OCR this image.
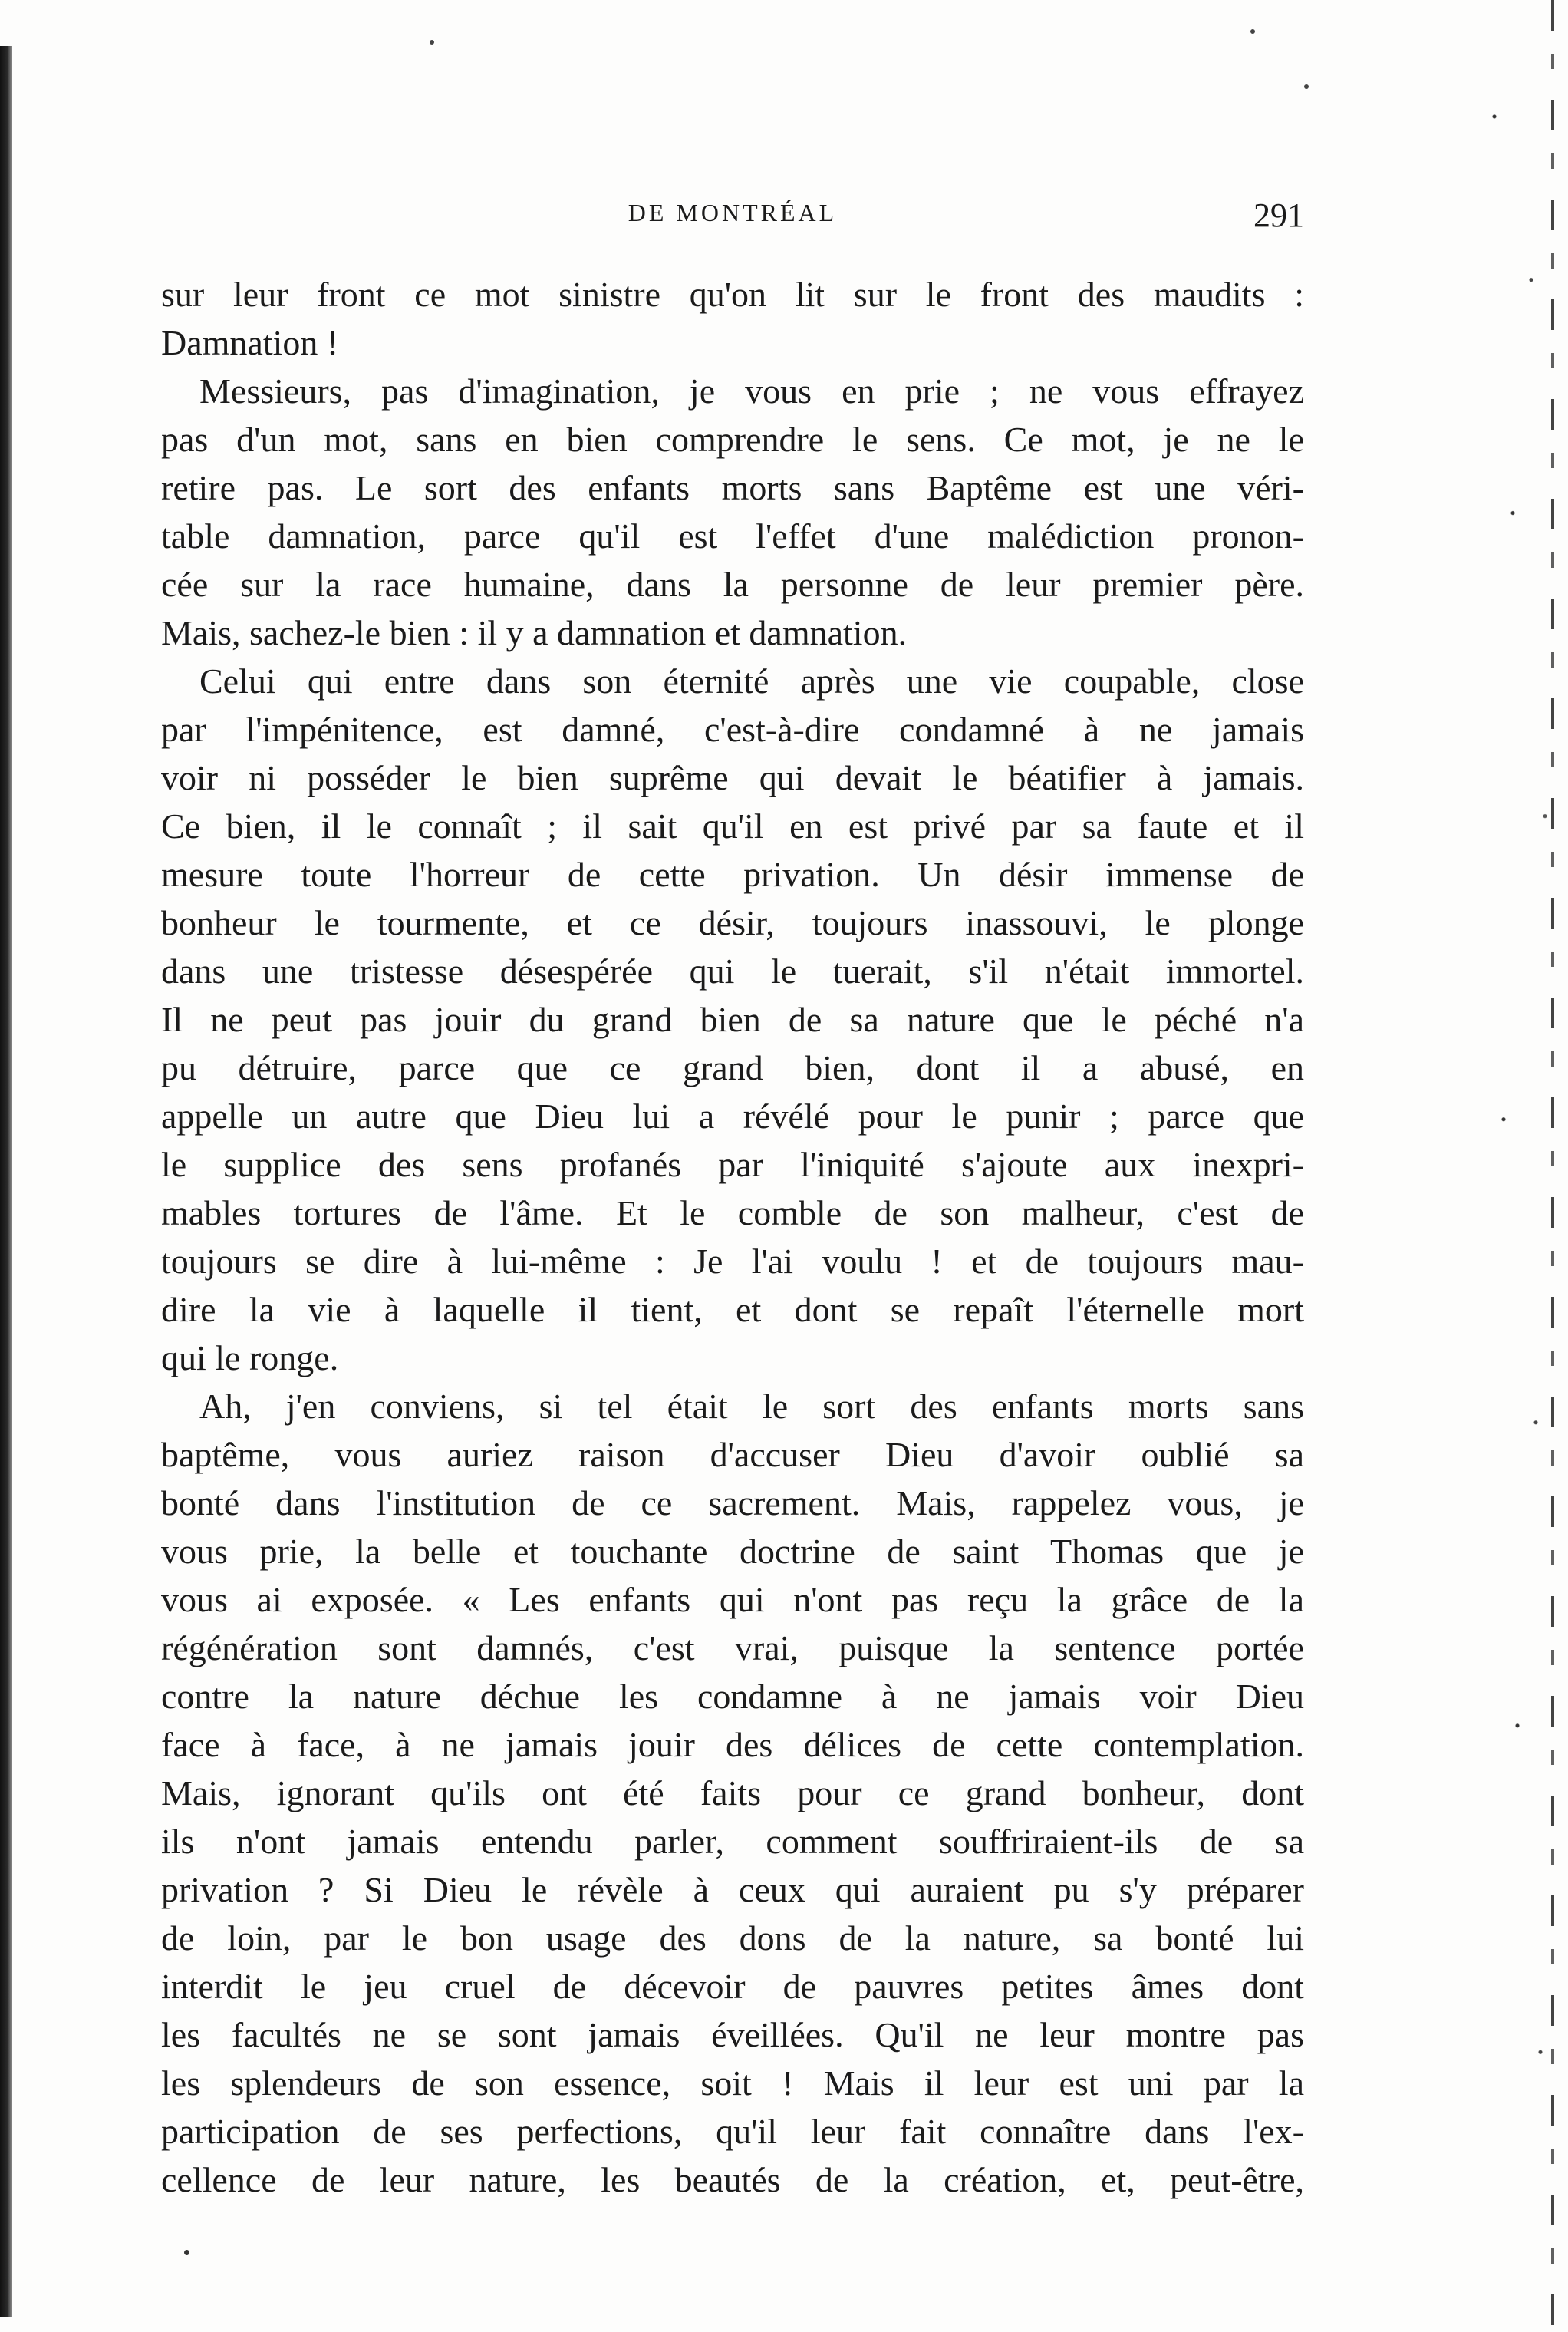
DE MONTRÉAL	291
sur leur front ce mot sinistre qu'on lit sur le front des maudits :
Damnation !
Messieurs, pas d'imagination, je vous en prie ; ne vous effrayez
pas d'un mot, sans en bien comprendre le sens. Ce mot, je ne le
retire pas. Le sort des enfants morts sans Baptême est une véri-
table damnation, parce qu'il est l'effet d'une malédiction pronon-
cée sur la race humaine, dans la personne de leur premier père.
Mais, sachez-le bien : il y a damnation et damnation.
Celui qui entre dans son éternité après une vie coupable, close
par l'impénitence, est damné, c'est-à-dire condamné à ne jamais
voir ni posséder le bien suprême qui devait le béatifier à jamais.
Ce bien, il le connaît ; il sait qu'il en est privé par sa faute et il
mesure toute l'horreur de cette privation. Un désir immense de
bonheur le tourmente, et ce désir, toujours inassouvi, le plonge
dans une tristesse désespérée qui le tuerait, s'il n'était immortel.
Il ne peut pas jouir du grand bien de sa nature que le péché n'a
pu détruire, parce que ce grand bien, dont il a abusé, en
appelle un autre que Dieu lui a révélé pour le punir ; parce que
le supplice des sens profanés par l'iniquité s'ajoute aux inexpri-
mables tortures de l'âme. Et le comble de son malheur, c'est de
toujours se dire à lui-même : Je l'ai voulu ! et de toujours mau-
dire la vie à laquelle il tient, et dont se repaît l'éternelle mort
qui le ronge.
Ah, j'en conviens, si tel était le sort des enfants morts sans
baptême, vous auriez raison d'accuser Dieu d'avoir oublié sa
bonté dans l'institution de ce sacrement. Mais, rappelez vous, je
vous prie, la belle et touchante doctrine de saint Thomas que je
vous ai exposée. « Les enfants qui n'ont pas reçu la grâce de la
régénération sont damnés, c'est vrai, puisque la sentence portée
contre la nature déchue les condamne à ne jamais voir Dieu
face à face, à ne jamais jouir des délices de cette contemplation.
Mais, ignorant qu'ils ont été faits pour ce grand bonheur, dont
ils n'ont jamais entendu parler, comment souffriraient-ils de sa
privation ? Si Dieu le révèle à ceux qui auraient pu s'y préparer
de loin, par le bon usage des dons de la nature, sa bonté lui
interdit le jeu cruel de décevoir de pauvres petites âmes dont
les facultés ne se sont jamais éveillées. Qu'il ne leur montre pas
les splendeurs de son essence, soit ! Mais il leur est uni par la
participation de ses perfections, qu'il leur fait connaître dans l'ex-
cellence de leur nature, les beautés de la création, et, peut-être,
